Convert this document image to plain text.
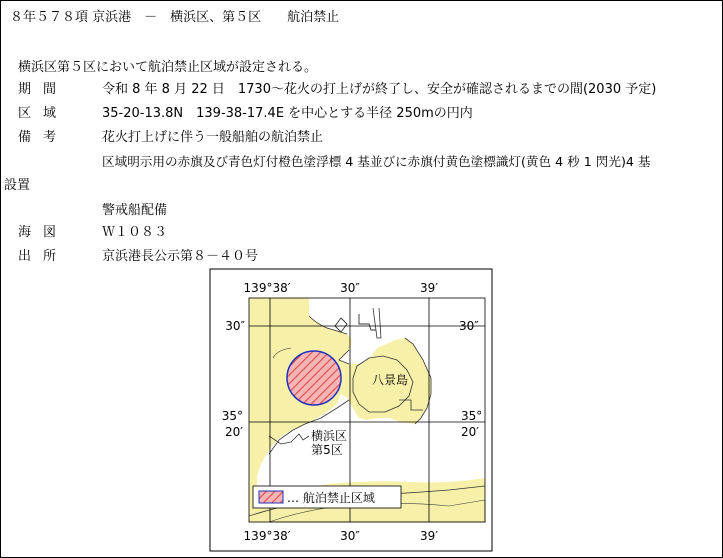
８年５７８項 京浜港　－　横浜区、第５区　　航泊禁止
横浜区第５区において航泊禁止区域が設定される。
期間	令和 8 年 8 月 22 日　1730～花火の打上げが終了し、安全が確認されるまでの間(2030 予定)
区域	35-20-13.8N　139-38-17.4E を中心とする半径 250mの円内
備考	花火打上げに伴う一般船舶の航泊禁止
区域明示用の赤旗及び青色灯付橙色塗浮標 4 基並びに赤旗付黄色塗標識灯(黄色 4 秒 1 閃光)4 基
設置
警戒船配備
海図	Ｗ１０８３
出所	京浜港長公示第８－４０号
139°38′	30″	39′
139°38′	30″	39′
30″
35°
20′
30″
35°
20′
八景島
横浜区
第5区
… 航泊禁止区域
